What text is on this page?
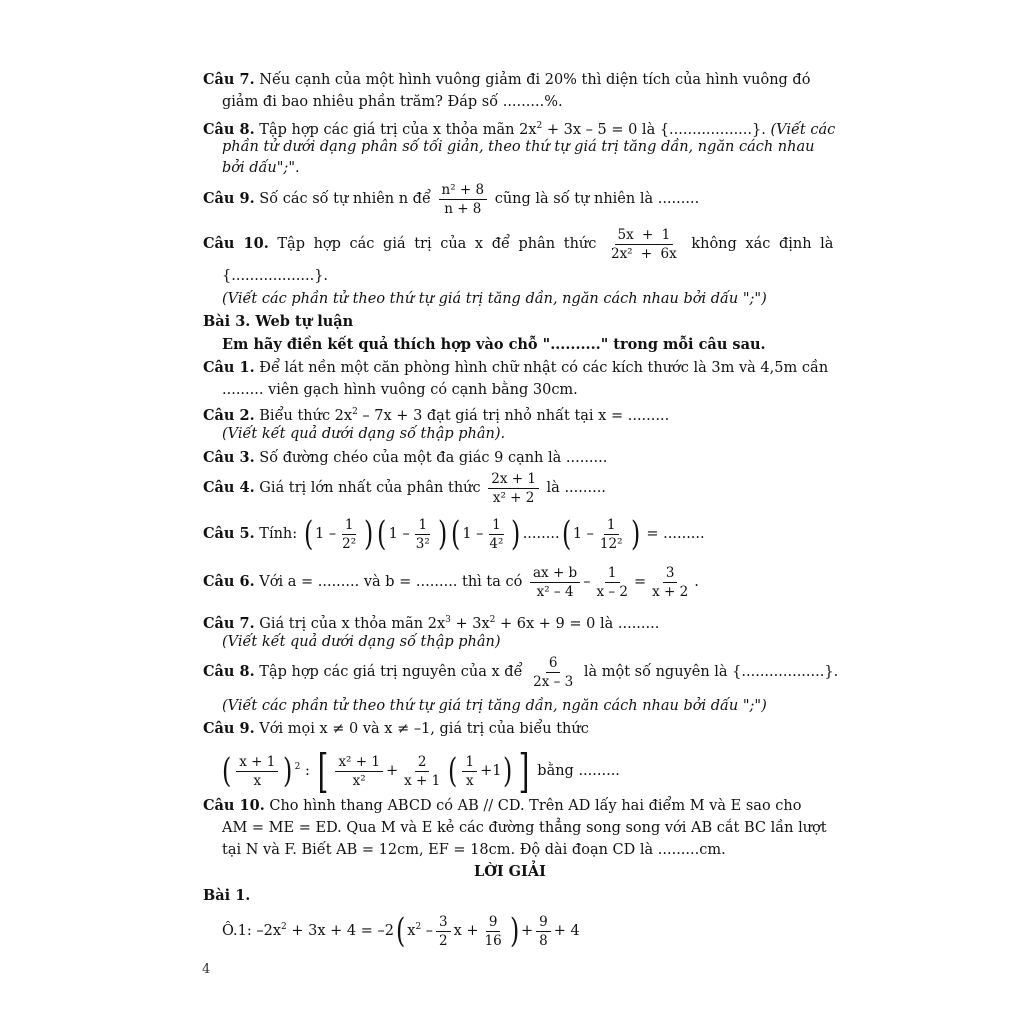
Câu 7. Nếu cạnh của một hình vuông giảm đi 20% thì diện tích của hình vuông đó
giảm đi bao nhiêu phần trăm? Đáp số .........%.
Câu 8. Tập hợp các giá trị của x thỏa mãn $2x^2 + 3x - 5 = 0$ là {..................}. (Viết các
phần tử dưới dạng phân số tối giản, theo thứ tự giá trị tăng dần, ngăn cách nhau
bởi dấu";".
Câu 9. Số các số tự nhiên n để $\frac{\text{n² + 8}}{n + 8}$ cũng là số tự nhiên là .........
Câu 10. Tập hợp các giá trị của x để phân thức $\frac{5x + 1}{\text{2x² + 6x}}$ không xác định là
{..................}.
(Viết các phần tử theo thứ tự giá trị tăng dần, ngăn cách nhau bởi dấu ";")
Bài 3. Web tự luận
Em hãy điền kết quả thích hợp vào chỗ ".........." trong mỗi câu sau.
Câu 1. Để lát nền một căn phòng hình chữ nhật có các kích thước là 3m và 4,5m cần
......... viên gạch hình vuông có cạnh bằng 30cm.
Câu 2. Biểu thức $2x^2 - 7x + 3$ đạt giá trị nhỏ nhất tại x = .........
(Viết kết quả dưới dạng số thập phân).
Câu 3. Số đường chéo của một đa giác 9 cạnh là .........
Câu 4. Giá trị lớn nhất của phân thức $\frac{2x + 1}{\text{x² + 2}}$ là .........
Câu 5. Tính: ( $1 - \frac{1}{\text{2²}}$ ) ( $1 - \frac{1}{\text{3²}}$ ) ( $1 - \frac{1}{\text{4²}}$ ) ........( $1 - \frac{1}{\text{12²}}$ ) = .........
Câu 6. Với a = ......... và b = ......... thì ta có $\frac{ax + b}{\text{x² – 4}} - \frac{1}{x - 2} = \frac{3}{x + 2}$ .
Câu 7. Giá trị của x thỏa mãn $2x^3 + 3x^2 + 6x + 9 = 0$ là .........
(Viết kết quả dưới dạng số thập phân)
Câu 8. Tập hợp các giá trị nguyên của x để $\frac{6}{2x - 3}$ là một số nguyên là {..................}.
(Viết các phần tử theo thứ tự giá trị tăng dần, ngăn cách nhau bởi dấu ";")
Câu 9. Với mọi x ≠ 0 và x ≠ –1, giá trị của biểu thức
( $\frac{x + 1}{x}$ ) $^2$ : [ $\frac{\text{x² + 1}}{\text{x²}} + \frac{2}{x + 1}$ ( $\frac{1}{x} +1$) ] bằng .........
Câu 10. Cho hình thang ABCD có AB // CD. Trên AD lấy hai điểm M và E sao cho
AM = ME = ED. Qua M và E kẻ các đường thẳng song song với AB cắt BC lần lượt
tại N và F. Biết AB = 12cm, EF = 18cm. Độ dài đoạn CD là .........cm.
LỜI GIẢI
Bài 1.
Ô.1: $-2x^2 + 3x + 4 = -2$( $x^2 - \frac{3}{2}$ $x + \frac{9}{16}$ ) + $\frac{9}{8} + 4$
4
